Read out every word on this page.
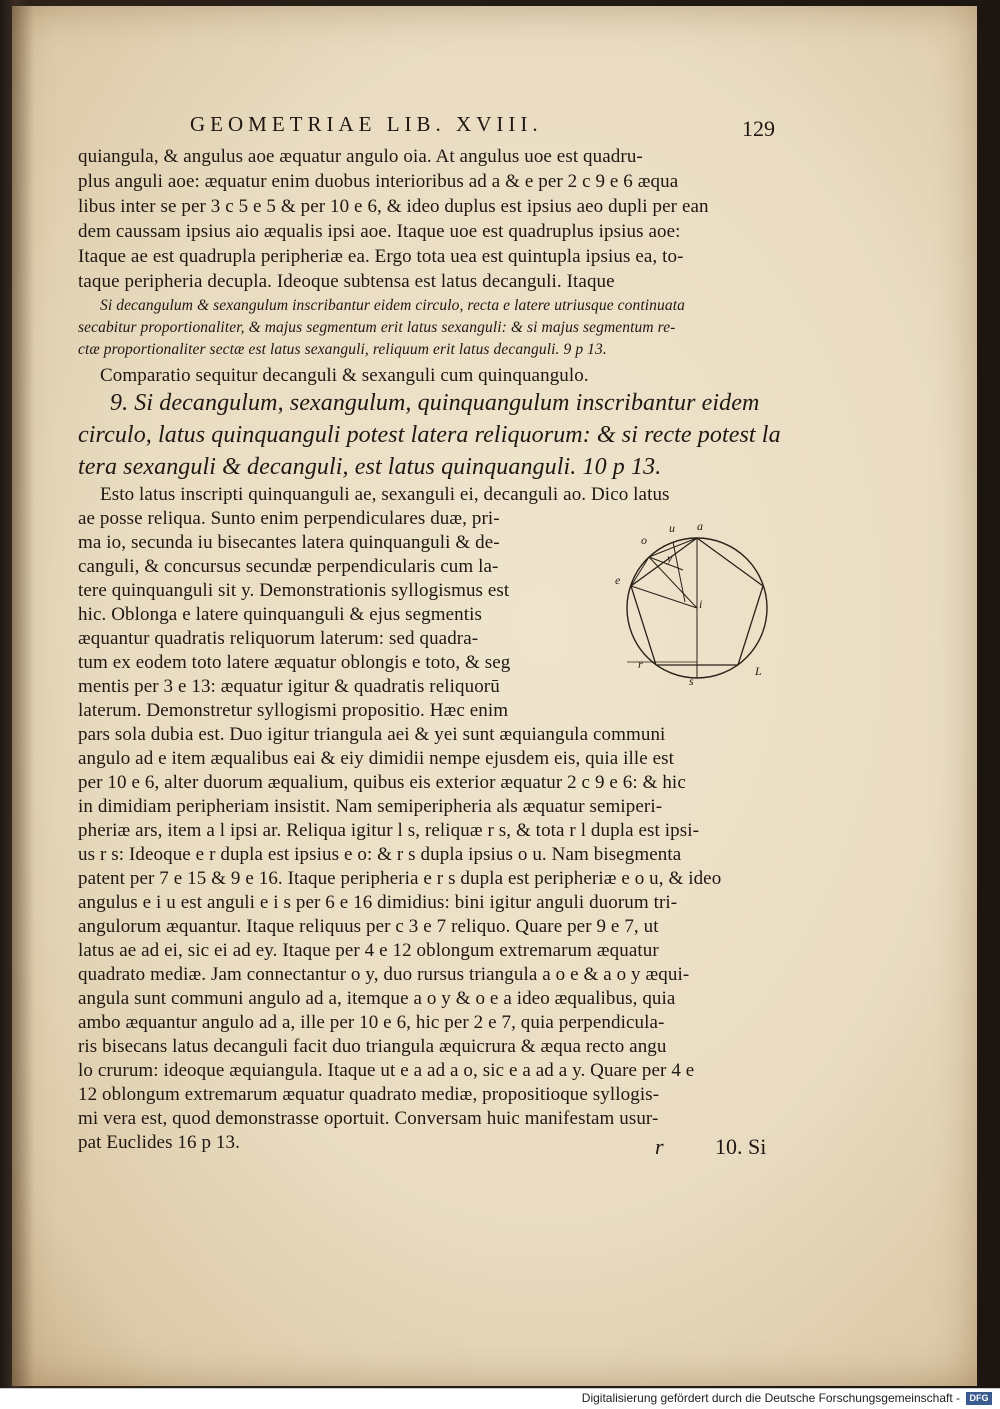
GEOMETRIAE LIB. XVIII.	129
quiangula, & angulus aoe æquatur angulo oia. At angulus uoe est quadru-
plus anguli aoe: æquatur enim duobus interioribus ad a & e per 2 c 9 e 6 æqua
libus inter se per 3 c 5 e 5 & per 10 e 6, & ideo duplus est ipsius aeo dupli per ean
dem caussam ipsius aio æqualis ipsi aoe. Itaque uoe est quadruplus ipsius aoe:
Itaque ae est quadrupla peripheriæ ea. Ergo tota uea est quintupla ipsius ea, to-
taque peripheria decupla. Ideoque subtensa est latus decanguli. Itaque
Si decangulum & sexangulum inscribantur eidem circulo, recta e latere utriusque continuata
secabitur proportionaliter, & majus segmentum erit latus sexanguli: & si majus segmentum re-
ctæ proportionaliter sectæ est latus sexanguli, reliquum erit latus decanguli. 9 p 13.
Comparatio sequitur decanguli & sexanguli cum quinquangulo.
9. Si decangulum, sexangulum, quinquangulum inscribantur eidem
circulo, latus quinquanguli potest latera reliquorum: & si recte potest la
tera sexanguli & decanguli, est latus quinquanguli. 10 p 13.
Esto latus inscripti quinquanguli ae, sexanguli ei, decanguli ao. Dico latus
ae posse reliqua. Sunto enim perpendiculares duæ, pri-
ma io, secunda iu bisecantes latera quinquanguli & de-
canguli, & concursus secundæ perpendicularis cum la-
tere quinquanguli sit y. Demonstrationis syllogismus est
hic. Oblonga e latere quinquanguli & ejus segmentis
æquantur quadratis reliquorum laterum: sed quadra-
tum ex eodem toto latere æquatur oblongis e toto, & seg
mentis per 3 e 13: æquatur igitur & quadratis reliquorū
laterum. Demonstretur syllogismi propositio. Hæc enim
a
u
o
y
e
i
r
s
L
pars sola dubia est. Duo igitur triangula aei & yei sunt æquiangula communi
angulo ad e item æqualibus eai & eiy dimidii nempe ejusdem eis, quia ille est
per 10 e 6, alter duorum æqualium, quibus eis exterior æquatur 2 c 9 e 6: & hic
in dimidiam peripheriam insistit. Nam semiperipheria als æquatur semiperi-
pheriæ ars, item a l ipsi ar. Reliqua igitur l s, reliquæ r s, & tota r l dupla est ipsi-
us r s: Ideoque e r dupla est ipsius e o: & r s dupla ipsius o u. Nam bisegmenta
patent per 7 e 15 & 9 e 16. Itaque peripheria e r s dupla est peripheriæ e o u, & ideo
angulus e i u est anguli e i s per 6 e 16 dimidius: bini igitur anguli duorum tri-
angulorum æquantur. Itaque reliquus per c 3 e 7 reliquo. Quare per 9 e 7, ut
latus ae ad ei, sic ei ad ey. Itaque per 4 e 12 oblongum extremarum æquatur
quadrato mediæ. Jam connectantur o y, duo rursus triangula a o e & a o y æqui-
angula sunt communi angulo ad a, itemque a o y & o e a ideo æqualibus, quia
ambo æquantur angulo ad a, ille per 10 e 6, hic per 2 e 7, quia perpendicula-
ris bisecans latus decanguli facit duo triangula æquicrura & æqua recto angu
lo crurum: ideoque æquiangula. Itaque ut e a ad a o, sic e a ad a y. Quare per 4 e
12 oblongum extremarum æquatur quadrato mediæ, propositioque syllogis-
mi vera est, quod demonstrasse oportuit. Conversam huic manifestam usur-
pat Euclides 16 p 13.	r 10. Si
Digitalisierung gefördert durch die Deutsche Forschungsgemeinschaft -	DFG
